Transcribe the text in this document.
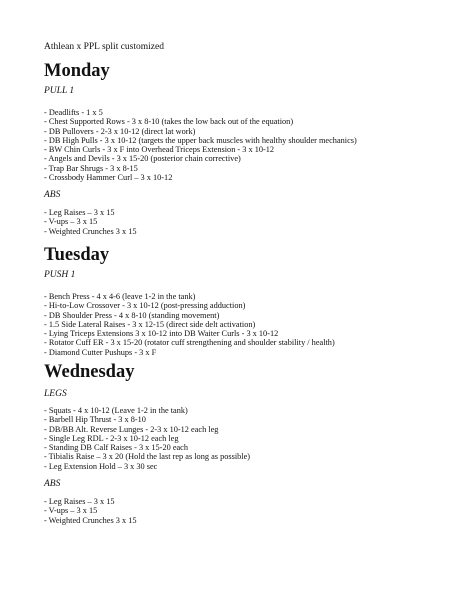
Athlean x PPL split customized
Monday
PULL 1
- Deadlifts - 1 x 5
- Chest Supported Rows - 3 x 8-10 (takes the low back out of the equation)
- DB Pullovers - 2-3 x 10-12 (direct lat work)
- DB High Pulls - 3 x 10-12 (targets the upper back muscles with healthy shoulder mechanics)
- BW Chin Curls - 3 x F into Overhead Triceps Extension - 3 x 10-12
- Angels and Devils - 3 x 15-20 (posterior chain corrective)
- Trap Bar Shrugs - 3 x 8-15
- Crossbody Hammer Curl – 3 x 10-12
ABS
- Leg Raises – 3 x 15
- V-ups – 3 x 15
- Weighted Crunches 3 x 15
Tuesday
PUSH 1
- Bench Press - 4 x 4-6 (leave 1-2 in the tank)
- Hi-to-Low Crossover - 3 x 10-12 (post-pressing adduction)
- DB Shoulder Press - 4 x 8-10 (standing movement)
- 1.5 Side Lateral Raises - 3 x 12-15 (direct side delt activation)
- Lying Triceps Extensions 3 x 10-12 into DB Waiter Curls - 3 x 10-12
- Rotator Cuff ER - 3 x 15-20 (rotator cuff strengthening and shoulder stability / health)
- Diamond Cutter Pushups - 3 x F
Wednesday
LEGS
- Squats - 4 x 10-12 (Leave 1-2 in the tank)
- Barbell Hip Thrust - 3 x 8-10
- DB/BB Alt. Reverse Lunges - 2-3 x 10-12 each leg
- Single Leg RDL - 2-3 x 10-12 each leg
- Standing DB Calf Raises - 3 x 15-20 each
- Tibialis Raise – 3 x 20 (Hold the last rep as long as possible)
- Leg Extension Hold – 3 x 30 sec
ABS
- Leg Raises – 3 x 15
- V-ups – 3 x 15
- Weighted Crunches 3 x 15
